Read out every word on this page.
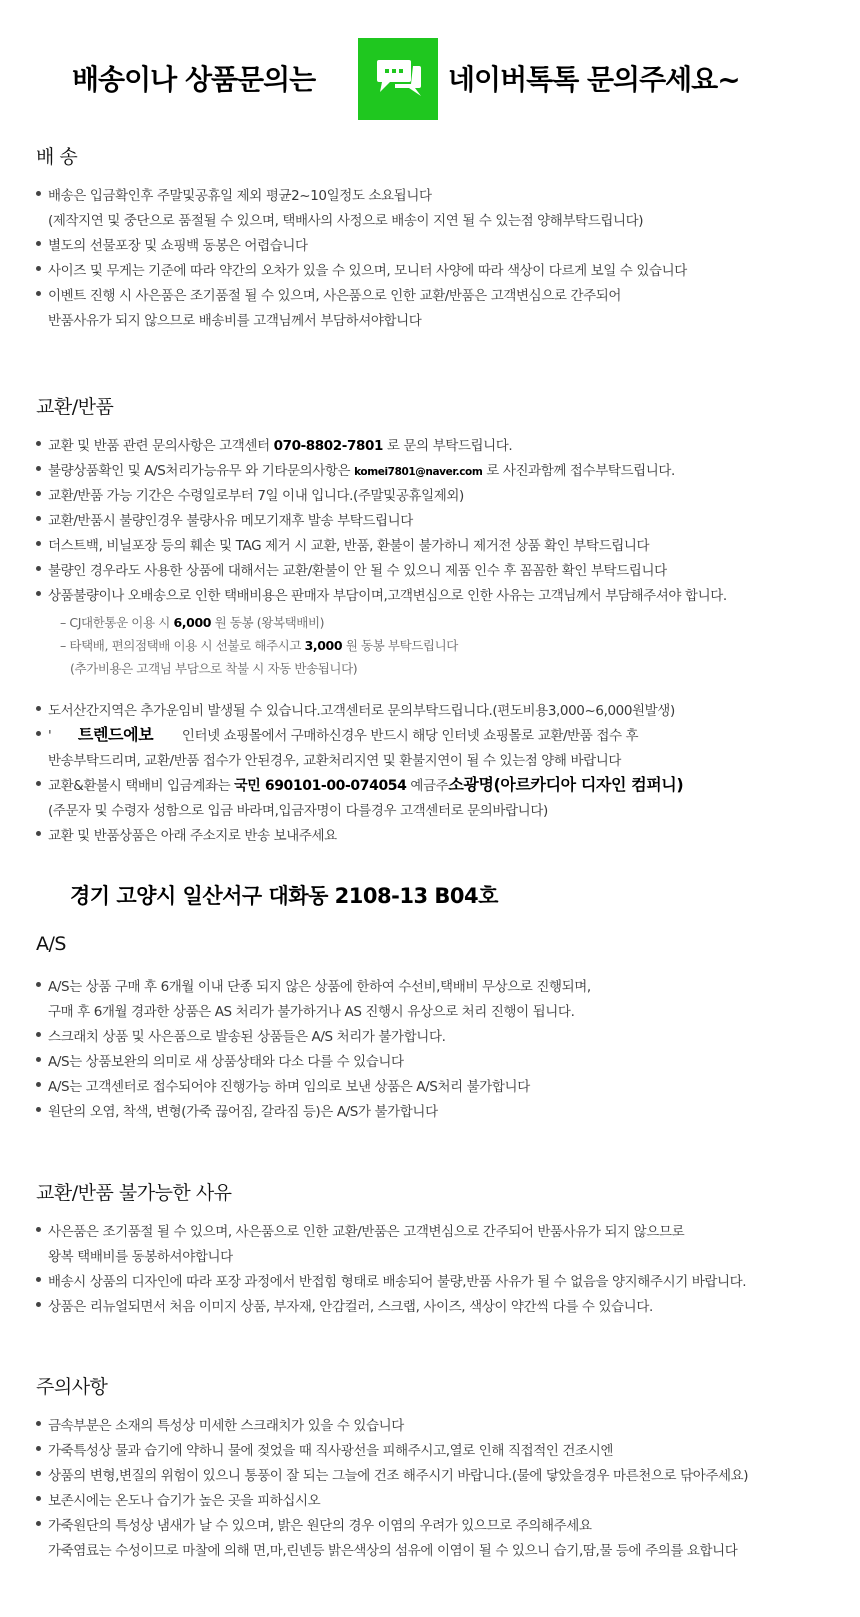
배송이나 상품문의는	네이버톡톡 문의주세요~
배 송
배송은 입금확인후 주말및공휴일 제외 평균2~10일정도 소요됩니다
(제작지연 및 중단으로 품절될 수 있으며, 택배사의 사정으로 배송이 지연 될 수 있는점 양해부탁드립니다)
별도의 선물포장 및 쇼핑백 동봉은 어렵습니다
사이즈 및 무게는 기준에 따라 약간의 오차가 있을 수 있으며, 모니터 사양에 따라 색상이 다르게 보일 수 있습니다
이벤트 진행 시 사은품은 조기품절 될 수 있으며, 사은품으로 인한 교환/반품은 고객변심으로 간주되어
반품사유가 되지 않으므로 배송비를 고객님께서 부담하셔야합니다
교환/반품
교환 및 반품 관련 문의사항은 고객센터 070-8802-7801 로 문의 부탁드립니다.
불량상품확인 및 A/S처리가능유무 와 기타문의사항은 komei7801@naver.com 로 사진과함께 접수부탁드립니다.
교환/반품 가능 기간은 수령일로부터 7일 이내 입니다.(주말및공휴일제외)
교환/반품시 불량인경우 불량사유 메모기재후 발송 부탁드립니다
더스트백, 비닐포장 등의 훼손 및 TAG 제거 시 교환, 반품, 환불이 불가하니 제거전 상품 확인 부탁드립니다
불량인 경우라도 사용한 상품에 대해서는 교환/환불이 안 될 수 있으니 제품 인수 후 꼼꼼한 확인 부탁드립니다
상품불량이나 오배송으로 인한 택배비용은 판매자 부담이며,고객변심으로 인한 사유는 고객님께서 부담해주셔야 합니다.
– CJ대한통운 이용 시 6,000 원 동봉 (왕복택배비)
– 타택배, 편의점택배 이용 시 선불로 해주시고 3,000 원 동봉 부탁드립니다
(추가비용은 고객님 부담으로 착불 시 자동 반송됩니다)
도서산간지역은 추가운임비 발생될 수 있습니다.고객센터로 문의부탁드립니다.(편도비용3,000~6,000원발생)
' 트렌드에보 인터넷 쇼핑몰에서 구매하신경우 반드시 해당 인터넷 쇼핑몰로 교환/반품 접수 후
반송부탁드리며, 교환/반품 접수가 안된경우, 교환처리지연 및 환불지연이 될 수 있는점 양해 바랍니다
교환&환불시 택배비 입금계좌는 국민 690101-00-074054 예금주소광명(아르카디아 디자인 컴퍼니)
(주문자 및 수령자 성함으로 입금 바라며,입금자명이 다를경우 고객센터로 문의바랍니다)
교환 및 반품상품은 아래 주소지로 반송 보내주세요
경기 고양시 일산서구 대화동 2108-13 B04호
A/S
A/S는 상품 구매 후 6개월 이내 단종 되지 않은 상품에 한하여 수선비,택배비 무상으로 진행되며,
구매 후 6개월 경과한 상품은 AS 처리가 불가하거나 AS 진행시 유상으로 처리 진행이 됩니다.
스크래치 상품 및 사은품으로 발송된 상품들은 A/S 처리가 불가합니다.
A/S는 상품보완의 의미로 새 상품상태와 다소 다를 수 있습니다
A/S는 고객센터로 접수되어야 진행가능 하며 임의로 보낸 상품은 A/S처리 불가합니다
원단의 오염, 착색, 변형(가죽 끊어짐, 갈라짐 등)은 A/S가 불가합니다
교환/반품 불가능한 사유
사은품은 조기품절 될 수 있으며, 사은품으로 인한 교환/반품은 고객변심으로 간주되어 반품사유가 되지 않으므로
왕복 택배비를 동봉하셔야합니다
배송시 상품의 디자인에 따라 포장 과정에서 반접힘 형태로 배송되어 불량,반품 사유가 될 수 없음을 양지해주시기 바랍니다.
상품은 리뉴얼되면서 처음 이미지 상품, 부자재, 안감컬러, 스크랩, 사이즈, 색상이 약간씩 다를 수 있습니다.
주의사항
금속부분은 소재의 특성상 미세한 스크래치가 있을 수 있습니다
가죽특성상 물과 습기에 약하니 물에 젖었을 때 직사광선을 피해주시고,열로 인해 직접적인 건조시엔
상품의 변형,변질의 위험이 있으니 통풍이 잘 되는 그늘에 건조 해주시기 바랍니다.(물에 닿았을경우 마른천으로 닦아주세요)
보존시에는 온도나 습기가 높은 곳을 피하십시오
가죽원단의 특성상 냄새가 날 수 있으며, 밝은 원단의 경우 이염의 우려가 있으므로 주의해주세요
가죽염료는 수성이므로 마찰에 의해 면,마,린넨등 밝은색상의 섬유에 이염이 될 수 있으니 습기,땀,물 등에 주의를 요합니다
